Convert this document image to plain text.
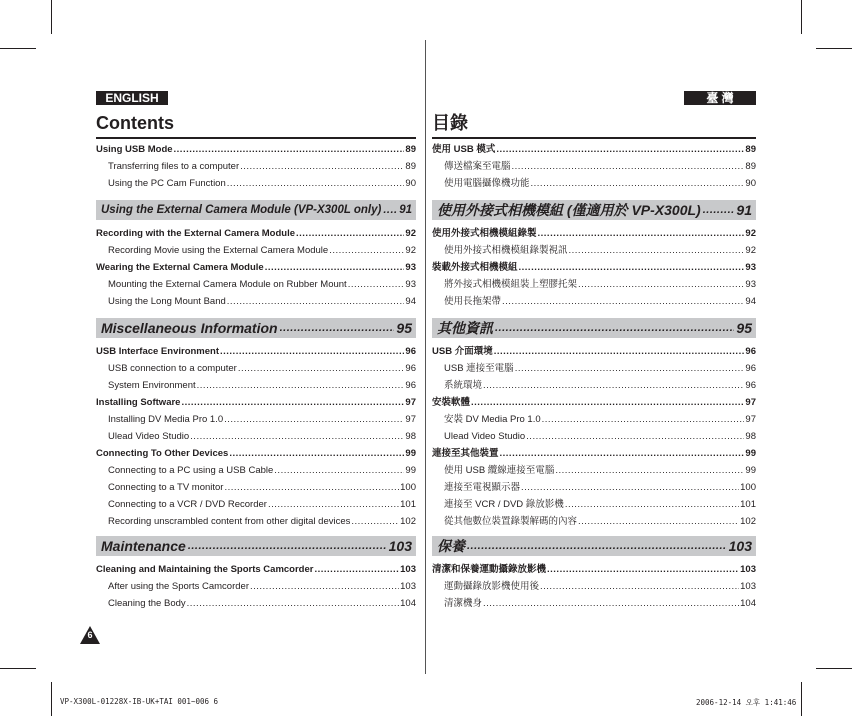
ENGLISH	臺 灣
Contents	目錄
Using USB Mode .....	89
Transferring files to a computer .....	89
Using the PC Cam Function .....	90
Using the External Camera Module (VP-X300L only) ..... 91
Recording with the External Camera Module .....	92
Recording Movie using the External Camera Module .....	92
Wearing the External Camera Module .....	93
Mounting the External Camera Module on Rubber Mount .....	93
Using the Long Mount Band .....	94
Miscellaneous Information .....	95
USB Interface Environment .....	96
USB connection to a computer .....	96
System Environment .....	96
Installing Software .....	97
Installing DV Media Pro 1.0 .....	97
Ulead Video Studio .....	98
Connecting To Other Devices .....	99
Connecting to a PC using a USB Cable .....	99
Connecting to a TV monitor .....	100
Connecting to a VCR / DVD Recorder .....	101
Recording unscrambled content from other digital devices .....	102
Maintenance .....	103
Cleaning and Maintaining the Sports Camcorder .....	103
After using the Sports Camcorder .....	103
Cleaning the Body .....	104
使用 USB 模式 .....	89
傳送檔案至電腦 .....	89
使用電腦攝像機功能 .....	90
使用外接式相機模組 (僅適用於 VP-X300L) .....	91
使用外接式相機模組錄製 .....	92
使用外接式相機模組錄製視訊 .....	92
裝載外接式相機模組 .....	93
將外接式相機模組裝上塑膠托架 .....	93
使用長拖架帶 .....	94
其他資訊 .....	95
USB 介面環境 .....	96
USB 連接至電腦 .....	96
系統環境 .....	96
安裝軟體 .....	97
安裝 DV Media Pro 1.0 .....	97
Ulead Video Studio .....	98
連接至其他裝置 .....	99
使用 USB 纜線連接至電腦 .....	99
連接至電視顯示器 .....	100
連接至 VCR / DVD 錄放影機 .....	101
從其他數位裝置錄製解碼的內容 .....	102
保養 .....	103
清潔和保養運動攝錄放影機 .....	103
運動攝錄放影機使用後 .....	103
清潔機身 .....	104
6
VP-X300L-01228X-IB-UK+TAI 001~006 6	2006-12-14 오후 1:41:46
